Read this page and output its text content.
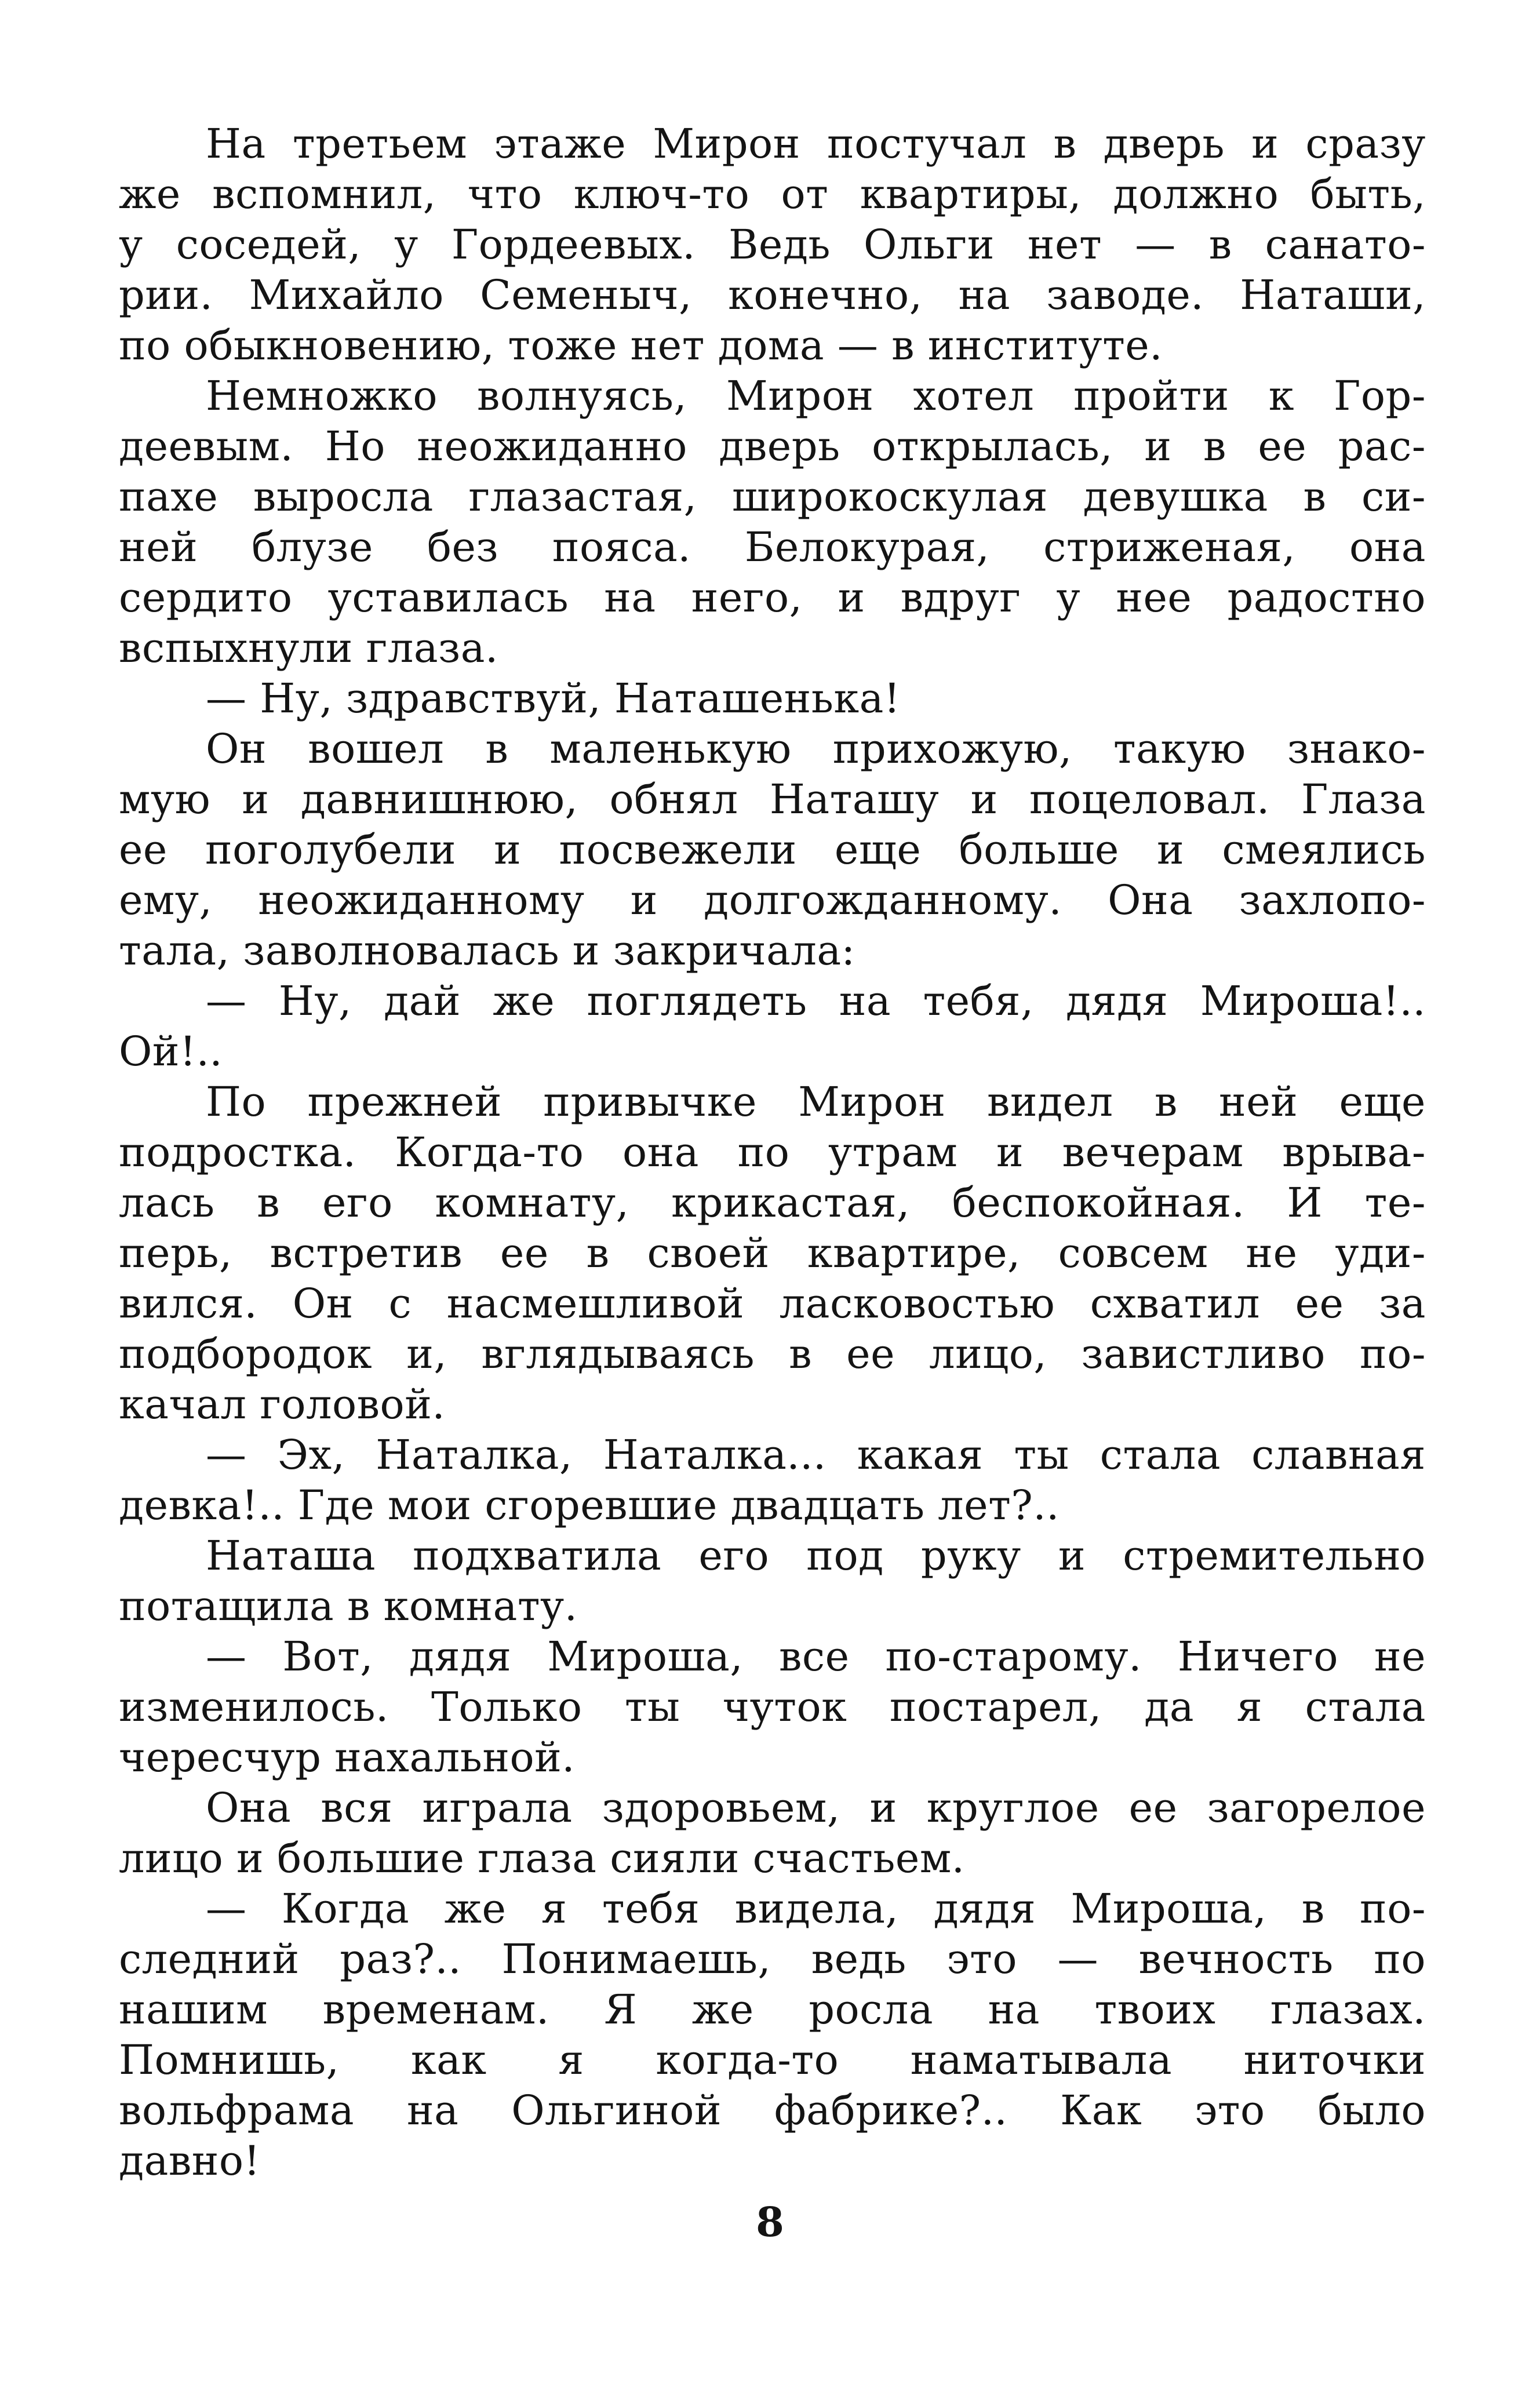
На третьем этаже Мирон постучал в дверь и сразу
же вспомнил, что ключ-то от квартиры, должно быть,
у соседей, у Гордеевых. Ведь Ольги нет — в санато-
рии. Михайло Семеныч, конечно, на заводе. Наташи,
по обыкновению, тоже нет дома — в институте.
Немножко волнуясь, Мирон хотел пройти к Гор-
деевым. Но неожиданно дверь открылась, и в ее рас-
пахе выросла глазастая, широкоскулая девушка в си-
ней блузе без пояса. Белокурая, стриженая, она
сердито уставилась на него, и вдруг у нее радостно
вспыхнули глаза.
— Ну, здравствуй, Наташенька!
Он вошел в маленькую прихожую, такую знако-
мую и давнишнюю, обнял Наташу и поцеловал. Глаза
ее поголубели и посвежели еще больше и смеялись
ему, неожиданному и долгожданному. Она захлопо-
тала, заволновалась и закричала:
— Ну, дай же поглядеть на тебя, дядя Мироша!..
Ой!..
По прежней привычке Мирон видел в ней еще
подростка. Когда-то она по утрам и вечерам врыва-
лась в его комнату, крикастая, беспокойная. И те-
перь, встретив ее в своей квартире, совсем не уди-
вился. Он с насмешливой ласковостью схватил ее за
подбородок и, вглядываясь в ее лицо, завистливо по-
качал головой.
— Эх, Наталка, Наталка... какая ты стала славная
девка!.. Где мои сгоревшие двадцать лет?..
Наташа подхватила его под руку и стремительно
потащила в комнату.
— Вот, дядя Мироша, все по-старому. Ничего не
изменилось. Только ты чуток постарел, да я стала
чересчур нахальной.
Она вся играла здоровьем, и круглое ее загорелое
лицо и большие глаза сияли счастьем.
— Когда же я тебя видела, дядя Мироша, в по-
следний раз?.. Понимаешь, ведь это — вечность по
нашим временам. Я же росла на твоих глазах.
Помнишь, как я когда-то наматывала ниточки
вольфрама на Ольгиной фабрике?.. Как это было
давно!
8
